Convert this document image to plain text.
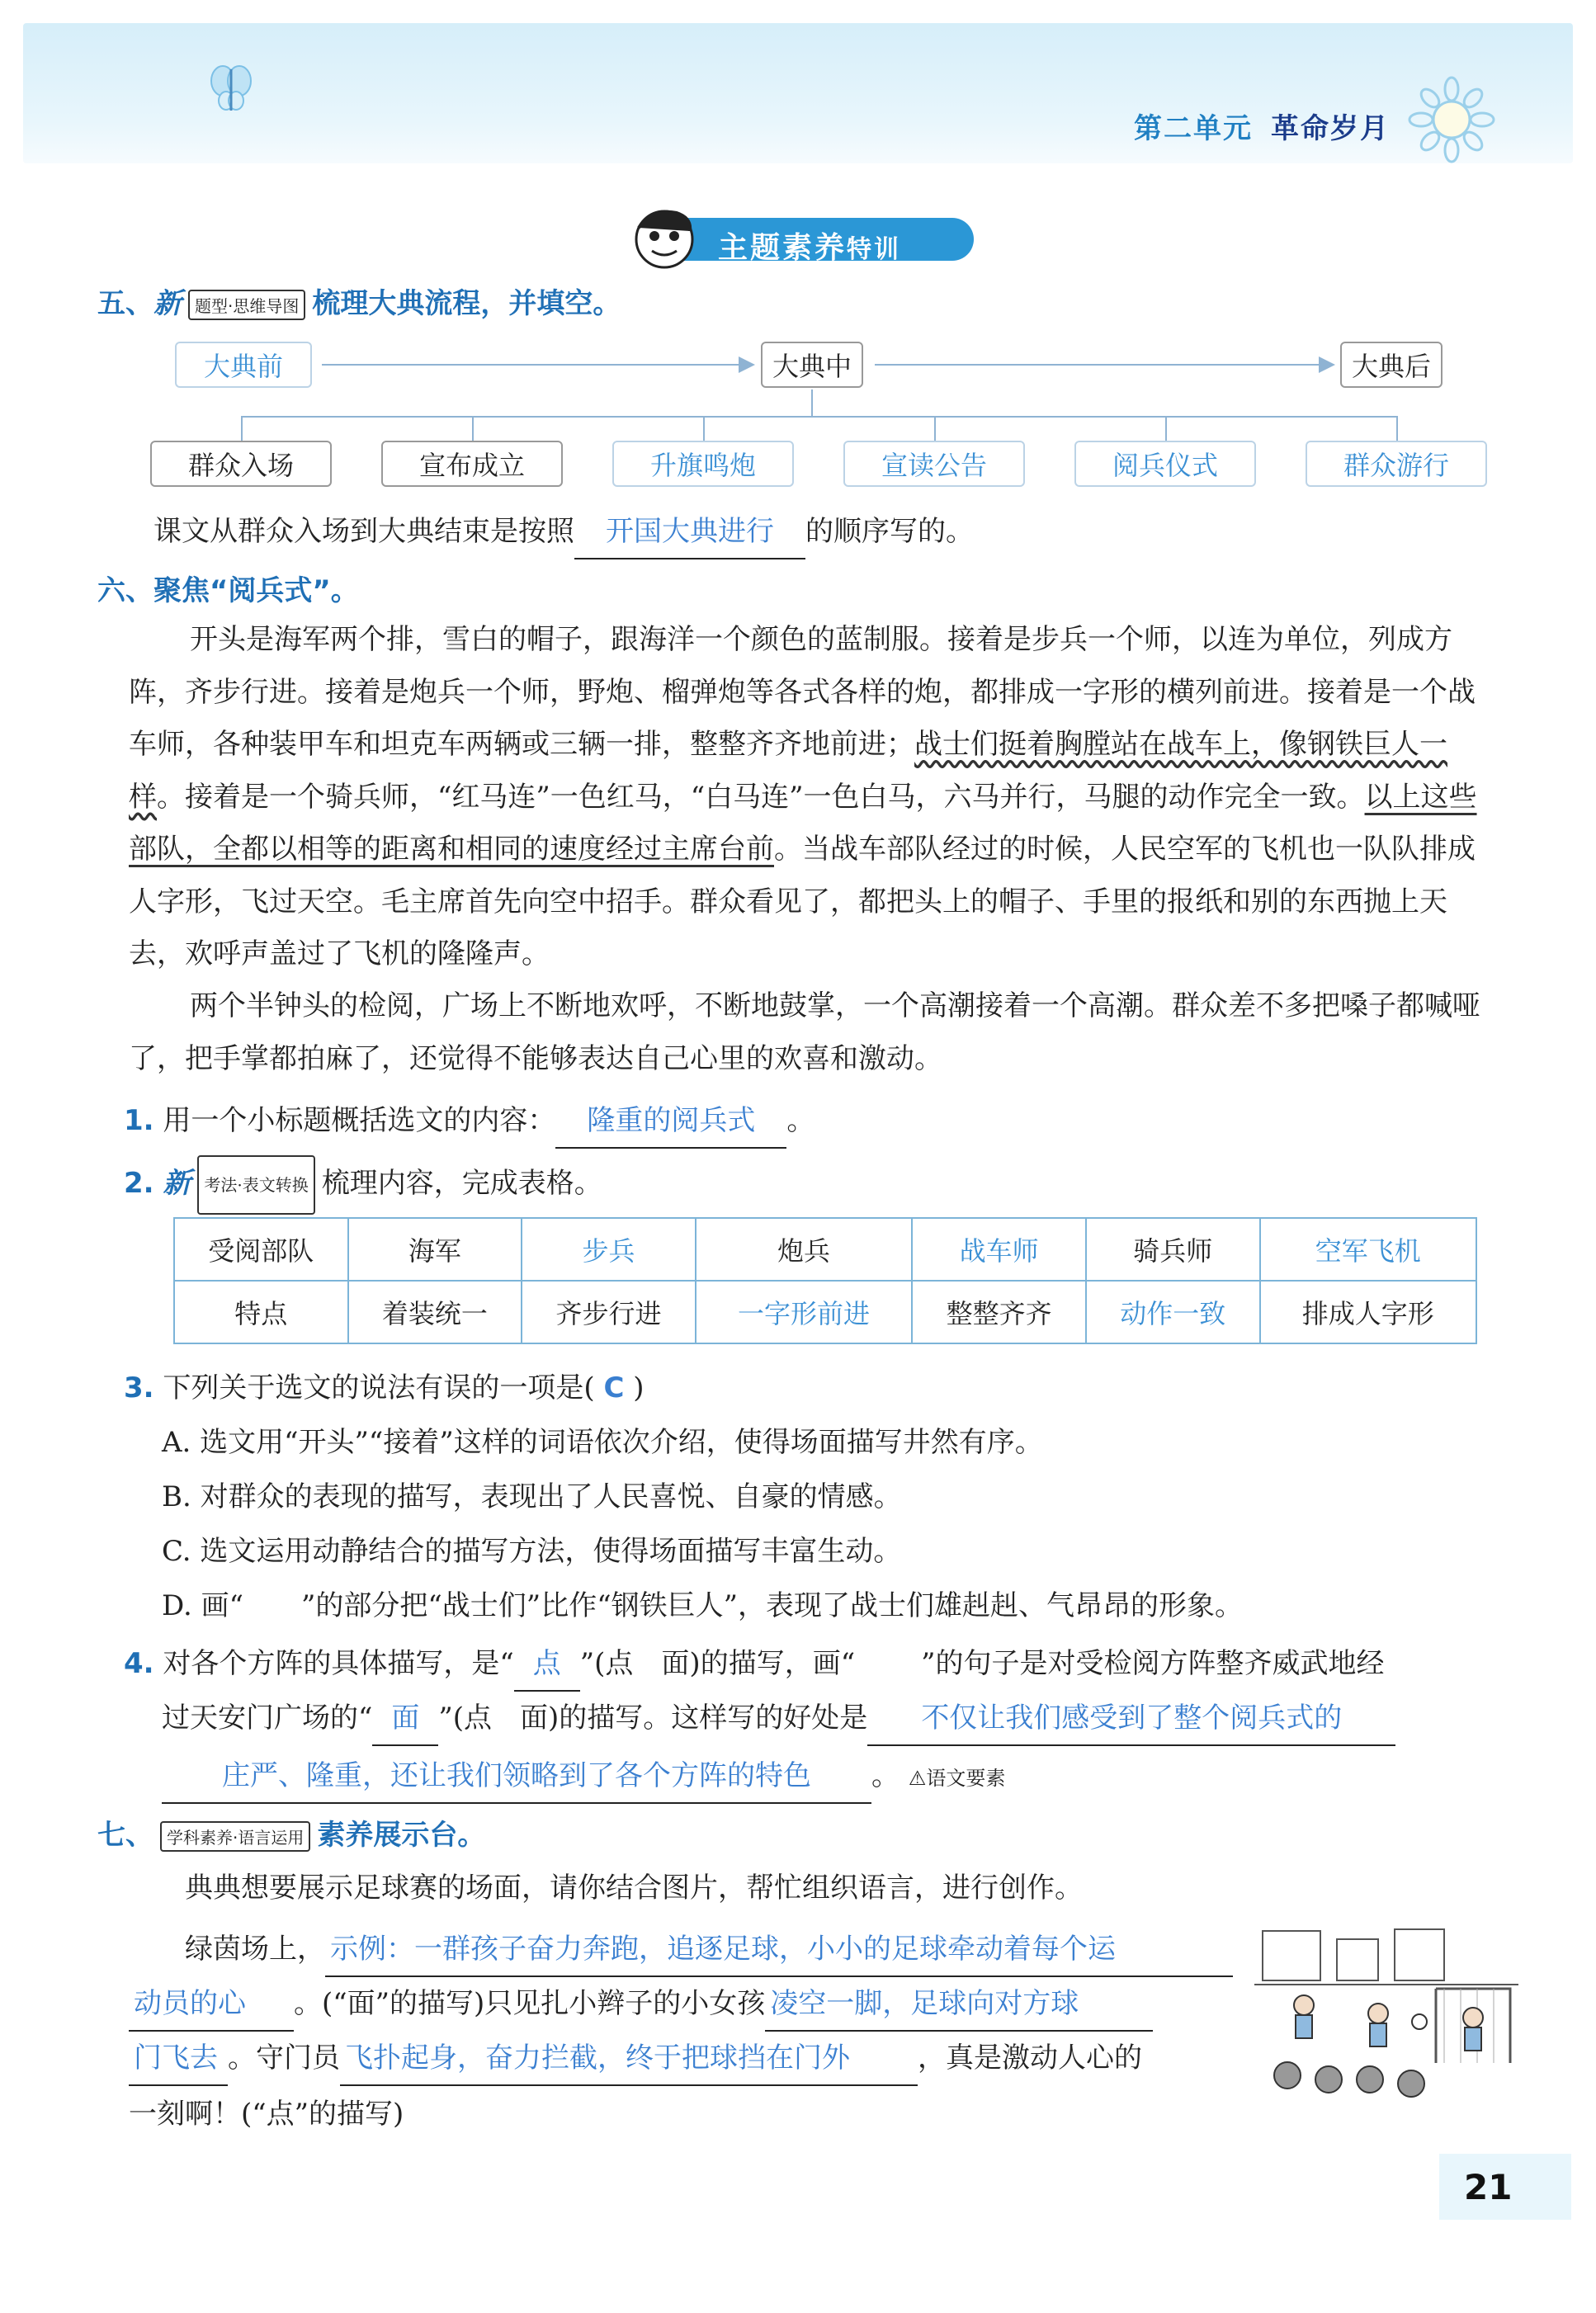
第二单元 革命岁月
主题素养特训
五、新 题型·思维导图 梳理大典流程，并填空。
大典前	大典中	大典后
群众入场	宣布成立	升旗鸣炮	宣读公告	阅兵仪式	群众游行
课文从群众入场到大典结束是按照 开国大典进行 的顺序写的。
六、聚焦“阅兵式”。
开头是海军两个排，雪白的帽子，跟海洋一个颜色的蓝制服。接着是步兵一个师，以连为单位，列成方阵，齐步行进。接着是炮兵一个师，野炮、榴弹炮等各式各样的炮，都排成一字形的横列前进。接着是一个战车师，各种装甲车和坦克车两辆或三辆一排，整整齐齐地前进；战士们挺着胸膛站在战车上，像钢铁巨人一样。接着是一个骑兵师，“红马连”一色红马，“白马连”一色白马，六马并行，马腿的动作完全一致。以上这些部队，全都以相等的距离和相同的速度经过主席台前。当战车部队经过的时候，人民空军的飞机也一队队排成人字形，飞过天空。毛主席首先向空中招手。群众看见了，都把头上的帽子、手里的报纸和别的东西抛上天去，欢呼声盖过了飞机的隆隆声。
两个半钟头的检阅，广场上不断地欢呼，不断地鼓掌，一个高潮接着一个高潮。群众差不多把嗓子都喊哑了，把手掌都拍麻了，还觉得不能够表达自己心里的欢喜和激动。
1. 用一个小标题概括选文的内容： 隆重的阅兵式 。
2. 新 考法·表文转换 梳理内容，完成表格。
受阅部队	海军	步兵	炮兵	战车师	骑兵师	空军飞机
特点	着装统一	齐步行进	一字形前进	整整齐齐	动作一致	排成人字形
3. 下列关于选文的说法有误的一项是( C )
A. 选文用“开头”“接着”这样的词语依次介绍，使得场面描写井然有序。
B. 对群众的表现的描写，表现出了人民喜悦、自豪的情感。
C. 选文运用动静结合的描写方法，使得场面描写丰富生动。
D. 画“ ”的部分把“战士们”比作“钢铁巨人”，表现了战士们雄赳赳、气昂昂的形象。
4. 对各个方阵的具体描写，是“ 点 ”(点　面)的描写，画“ ”的句子是对受检阅方阵整齐威武地经
过天安门广场的“ 面 ”(点　面)的描写。这样写的好处是 不仅让我们感受到了整个阅兵式的
庄严、隆重，还让我们领略到了各个方阵的特色 。 ⚠语文要素
七、 学科素养·语言运用 素养展示台。
典典想要展示足球赛的场面，请你结合图片，帮忙组织语言，进行创作。
绿茵场上， 示例：一群孩子奋力奔跑，追逐足球，小小的足球牵动着每个运
动员的心 。(“面”的描写)只见扎小辫子的小女孩 凌空一脚，足球向对方球
门飞去 。守门员 飞扑起身，奋力拦截，终于把球挡在门外 ，真是激动人心的
一刻啊！(“点”的描写)
21
